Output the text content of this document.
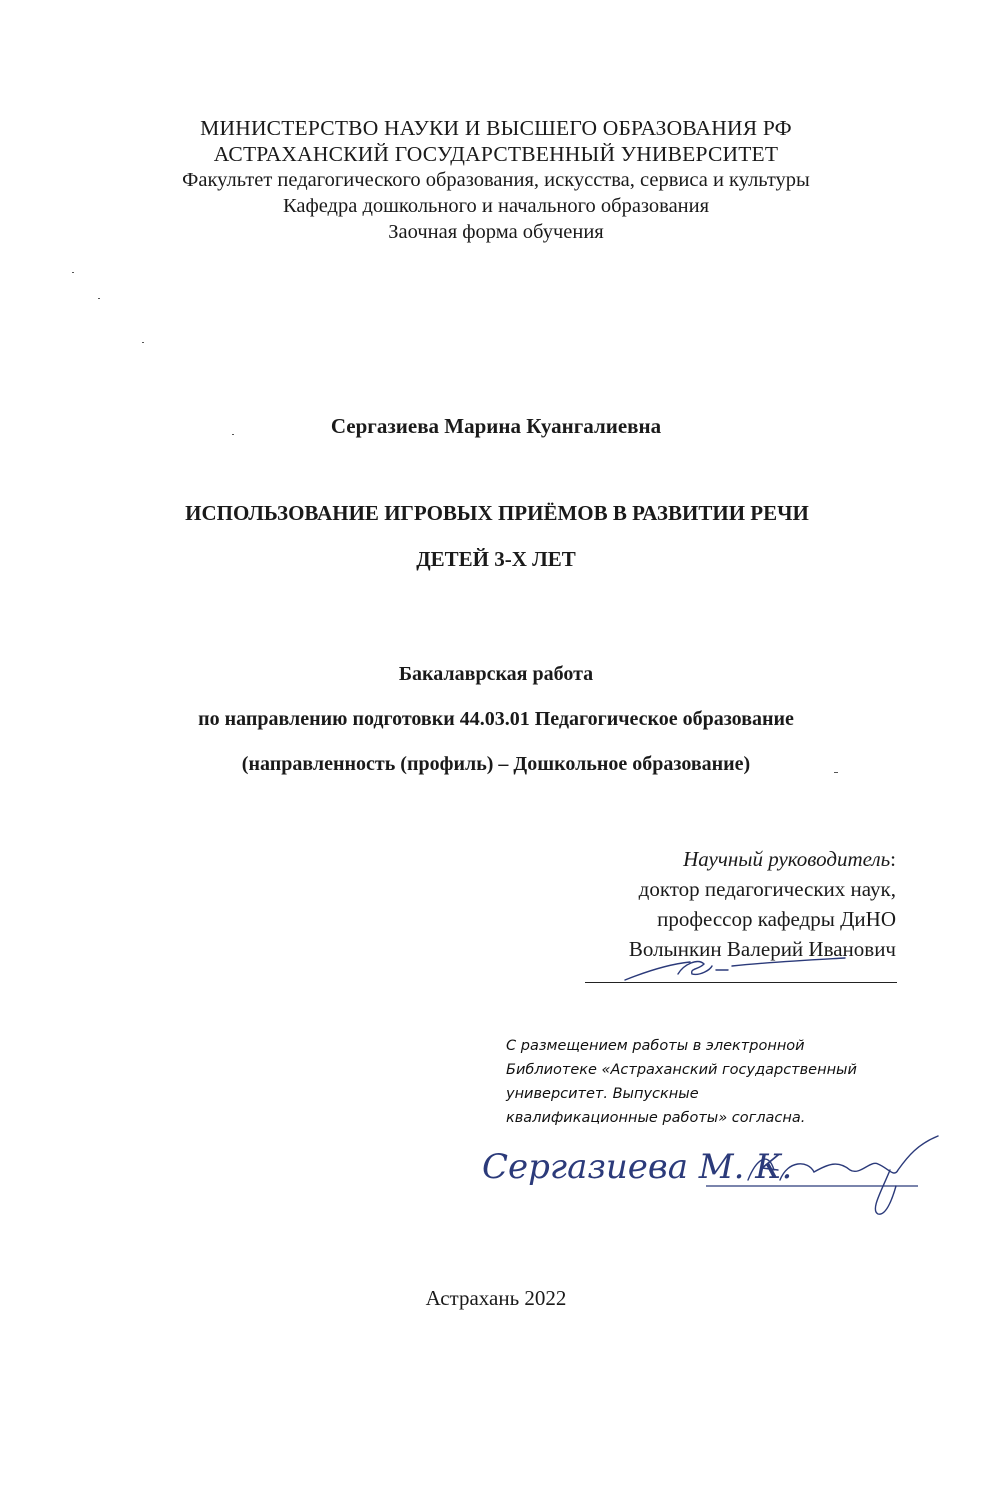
МИНИСТЕРСТВО НАУКИ И ВЫСШЕГО ОБРАЗОВАНИЯ РФ
АСТРАХАНСКИЙ ГОСУДАРСТВЕННЫЙ УНИВЕРСИТЕТ
Факультет педагогического образования, искусства, сервиса и культуры
Кафедра дошкольного и начального образования
Заочная форма обучения
Сергазиева Марина Куангалиевна
ИСПОЛЬЗОВАНИЕ ИГРОВЫХ ПРИЁМОВ В РАЗВИТИИ РЕЧИ
ДЕТЕЙ 3-Х ЛЕТ
Бакалаврская работа
по направлению подготовки 44.03.01 Педагогическое образование
(направленность (профиль) – Дошкольное образование)
Научный руководитель:
доктор педагогических наук,
профессор кафедры ДиНО
Волынкин Валерий Иванович
С размещением работы в электронной
Библиотеке «Астраханский государственный
университет. Выпускные
квалификационные работы» согласна.
Сергазиева М. К.
Астрахань 2022
